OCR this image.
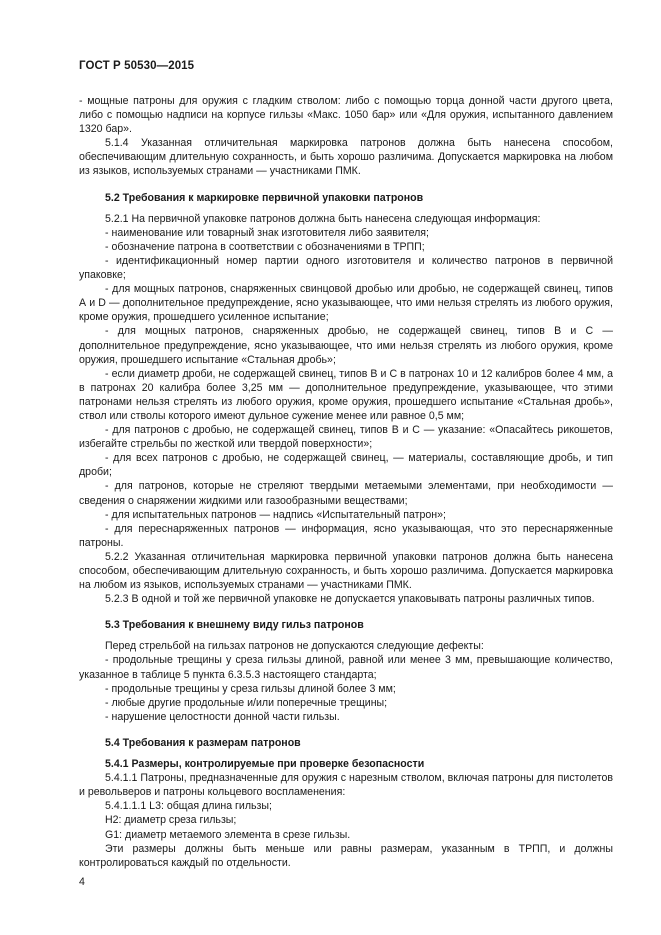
ГОСТ Р 50530—2015

- мощные патроны для оружия с гладким стволом: либо с помощью торца донной части другого цвета, либо с помощью надписи на корпусе гильзы «Макс. 1050 бар» или «Для оружия, испытанного давлением 1320 бар».

5.1.4 Указанная отличительная маркировка патронов должна быть нанесена способом, обеспечивающим длительную сохранность, и быть хорошо различима. Допускается маркировка на любом из языков, используемых странами — участниками ПМК.

5.2 Требования к маркировке первичной упаковки патронов

5.2.1 На первичной упаковке патронов должна быть нанесена следующая информация:

- наименование или товарный знак изготовителя либо заявителя;

- обозначение патрона в соответствии с обозначениями в ТРПП;

- идентификационный номер партии одного изготовителя и количество патронов в первичной упаковке;

- для мощных патронов, снаряженных свинцовой дробью или дробью, не содержащей свинец, типов А и D — дополнительное предупреждение, ясно указывающее, что ими нельзя стрелять из любого оружия, кроме оружия, прошедшего усиленное испытание;

- для мощных патронов, снаряженных дробью, не содержащей свинец, типов В и С — дополнительное предупреждение, ясно указывающее, что ими нельзя стрелять из любого оружия, кроме оружия, прошедшего испытание «Стальная дробь»;

- если диаметр дроби, не содержащей свинец, типов В и С в патронах 10 и 12 калибров более 4 мм, а в патронах 20 калибра более 3,25 мм — дополнительное предупреждение, указывающее, что этими патронами нельзя стрелять из любого оружия, кроме оружия, прошедшего испытание «Стальная дробь», ствол или стволы которого имеют дульное сужение менее или равное 0,5 мм;

- для патронов с дробью, не содержащей свинец, типов В и С — указание: «Опасайтесь рикошетов, избегайте стрельбы по жесткой или твердой поверхности»;

- для всех патронов с дробью, не содержащей свинец, — материалы, составляющие дробь, и тип дроби;

- для патронов, которые не стреляют твердыми метаемыми элементами, при необходимости — сведения о снаряжении жидкими или газообразными веществами;

- для испытательных патронов — надпись «Испытательный патрон»;

- для переснаряженных патронов — информация, ясно указывающая, что это переснаряженные патроны.

5.2.2 Указанная отличительная маркировка первичной упаковки патронов должна быть нанесена способом, обеспечивающим длительную сохранность, и быть хорошо различима. Допускается маркировка на любом из языков, используемых странами — участниками ПМК.

5.2.3 В одной и той же первичной упаковке не допускается упаковывать патроны различных типов.

5.3 Требования к внешнему виду гильз патронов

Перед стрельбой на гильзах патронов не допускаются следующие дефекты:

- продольные трещины у среза гильзы длиной, равной или менее 3 мм, превышающие количество, указанное в таблице 5 пункта 6.3.5.3 настоящего стандарта;

- продольные трещины у среза гильзы длиной более 3 мм;

- любые другие продольные и/или поперечные трещины;

- нарушение целостности донной части гильзы.

5.4 Требования к размерам патронов
5.4.1 Размеры, контролируемые при проверке безопасности

5.4.1.1 Патроны, предназначенные для оружия с нарезным стволом, включая патроны для пистолетов и револьверов и патроны кольцевого воспламенения:

5.4.1.1.1 L3: общая длина гильзы;

Н2: диаметр среза гильзы;

G1: диаметр метаемого элемента в срезе гильзы.

Эти размеры должны быть меньше или равны размерам, указанным в ТРПП, и должны контролироваться каждый по отдельности.

4
